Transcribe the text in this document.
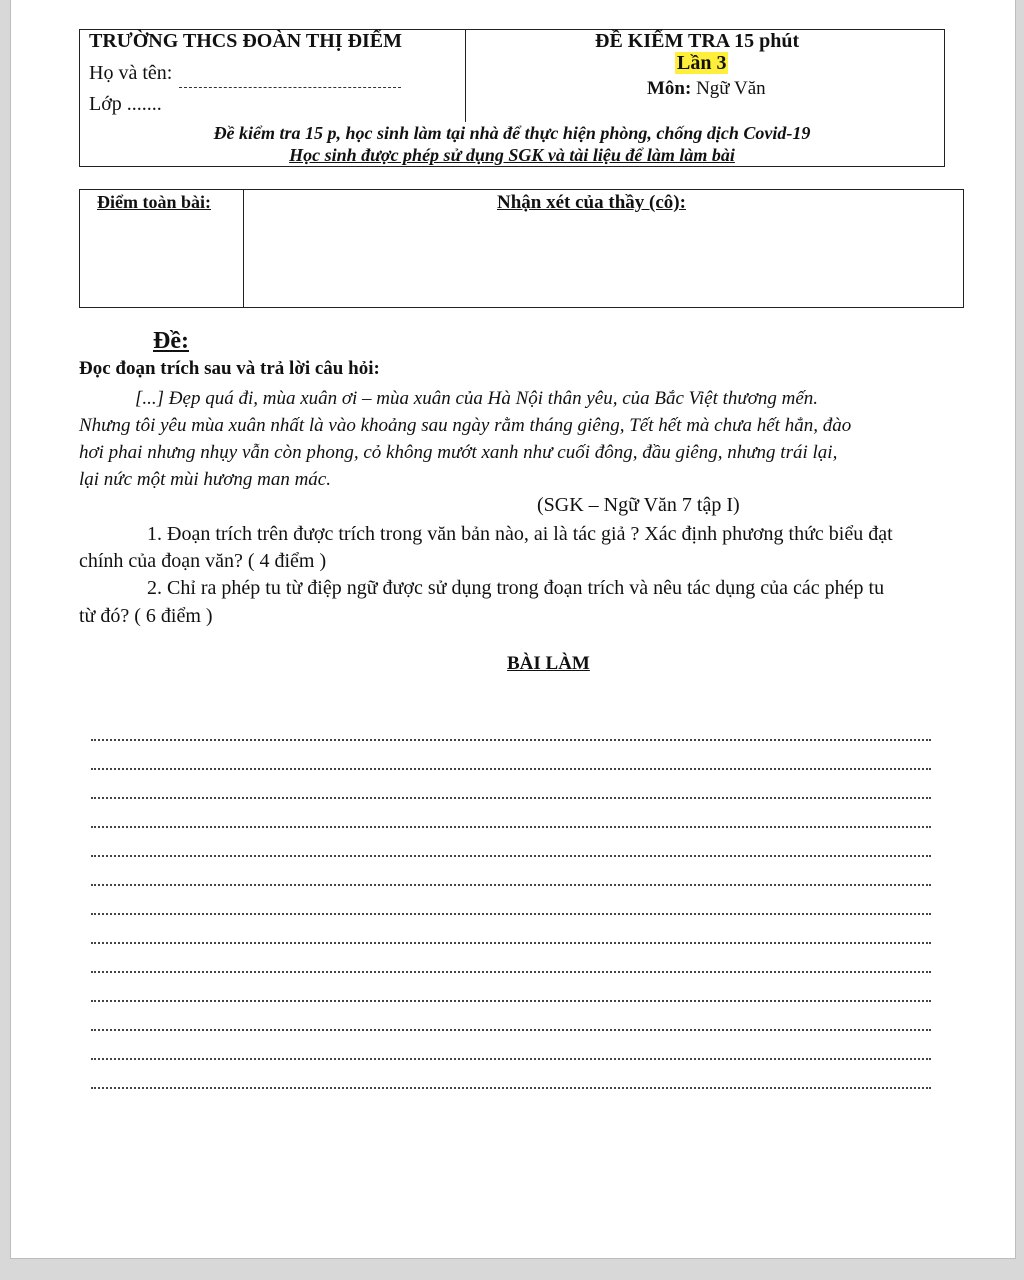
TRƯỜNG THCS ĐOÀN THỊ ĐIỂM
Họ và tên:
Lớp .......
ĐỀ KIỂM TRA 15 phút
Lần 3
Môn: Ngữ Văn
Đề kiểm tra 15 p, học sinh làm tại nhà để thực hiện phòng, chống dịch Covid-19
Học sinh được phép sử dụng SGK và tài liệu để làm làm bài
Điểm toàn bài:	Nhận xét của thầy (cô):
Đề:
Đọc đoạn trích sau và trả lời câu hỏi:
[...] Đẹp quá đi, mùa xuân ơi – mùa xuân của Hà Nội thân yêu, của Bắc Việt thương mến.
Nhưng tôi yêu mùa xuân nhất là vào khoảng sau ngày rằm tháng giêng, Tết hết mà chưa hết hẳn, đào
hơi phai nhưng nhụy vẫn còn phong, cỏ không mướt xanh như cuối đông, đầu giêng, nhưng trái lại,
lại nức một mùi hương man mác.
(SGK – Ngữ Văn 7 tập I)
1. Đoạn trích trên được trích trong văn bản nào, ai là tác giả ? Xác định phương thức biểu đạt
chính của đoạn văn? ( 4 điểm )
2. Chỉ ra phép tu từ điệp ngữ được sử dụng trong đoạn trích và nêu tác dụng của các phép tu
từ đó? ( 6 điểm )
BÀI LÀM
